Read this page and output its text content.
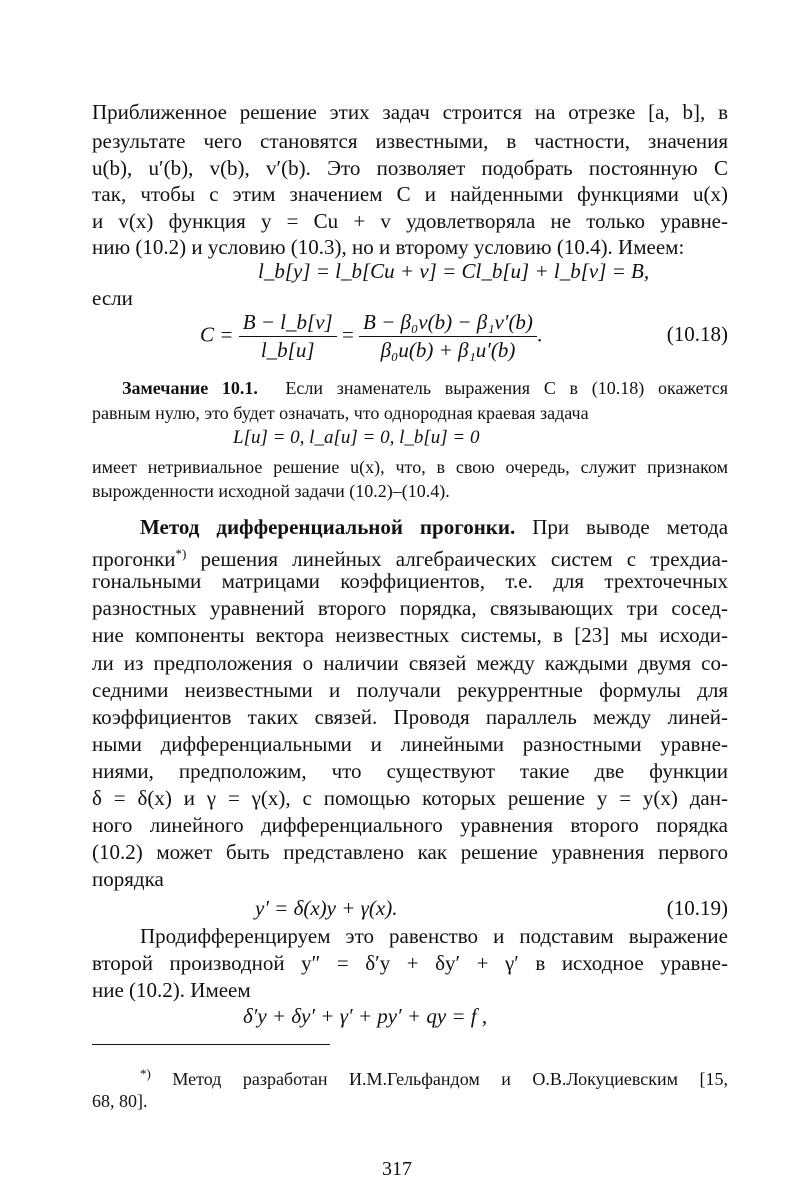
Приближенное решение этих задач строится на отрезке [a, b], в
результате чего становятся известными, в частности, значения
u(b), u′(b), v(b), v′(b). Это позволяет подобрать постоянную C
так, чтобы с этим значением C и найденными функциями u(x)
и v(x) функция y = Cu + v удовлетворяла не только уравне-
нию (10.2) и условию (10.3), но и второму условию (10.4). Имеем:
l_b[y] = l_b[Cu + v] = Cl_b[u] + l_b[v] = B,
если
$C = \frac{B - l\_b[v]}{l\_b[u]} = \frac{\text{B − β₀v(b) − β₁v′(b)}}{\text{β₀u(b) + β₁u′(b)}}$ .	(10.18)
Замечание 10.1. Если знаменатель выражения C в (10.18) окажется
равным нулю, это будет означать, что однородная краевая задача
L[u] = 0, l_a[u] = 0, l_b[u] = 0
имеет нетривиальное решение u(x), что, в свою очередь, служит признаком
вырожденности исходной задачи (10.2)–(10.4).
Метод дифференциальной прогонки. При выводе метода
прогонки*) решения линейных алгебраических систем с трехдиа-
гональными матрицами коэффициентов, т.е. для трехточечных
разностных уравнений второго порядка, связывающих три сосед-
ние компоненты вектора неизвестных системы, в [23] мы исходи-
ли из предположения о наличии связей между каждыми двумя со-
седними неизвестными и получали рекуррентные формулы для
коэффициентов таких связей. Проводя параллель между линей-
ными дифференциальными и линейными разностными уравне-
ниями, предположим, что существуют такие две функции
δ = δ(x) и γ = γ(x), с помощью которых решение y = y(x) дан-
ного линейного дифференциального уравнения второго порядка
(10.2) может быть представлено как решение уравнения первого
порядка
y′ = δ(x)y + γ(x).	(10.19)
Продифференцируем это равенство и подставим выражение
второй производной y″ = δ′y + δy′ + γ′ в исходное уравне-
ние (10.2). Имеем
δ′y + δy′ + γ′ + py′ + qy = f ,
*) Метод разработан И.М.Гельфандом и О.В.Локуциевским [15,
68, 80].
317
